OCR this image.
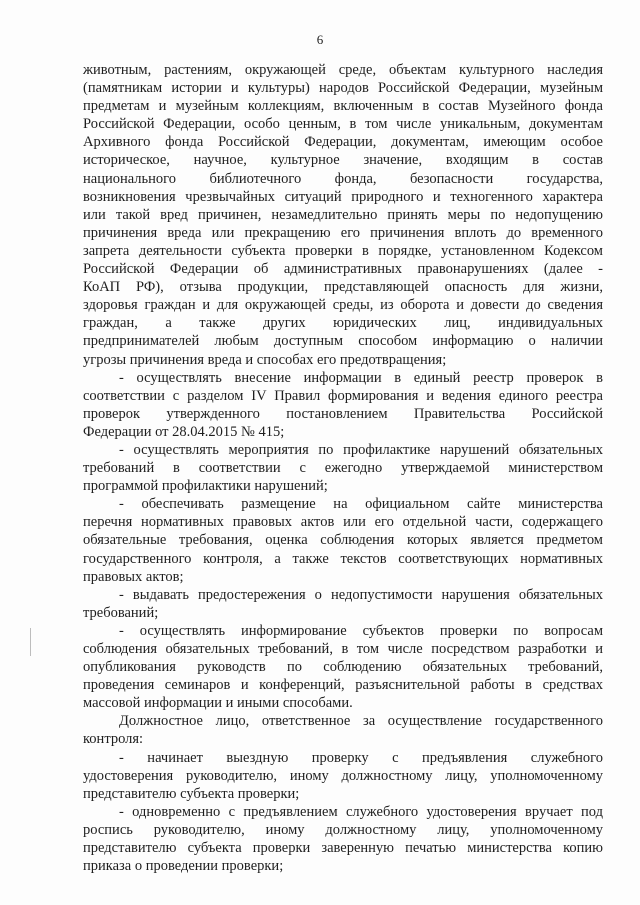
6
животным, растениям, окружающей среде, объектам культурного наследия
(памятникам истории и культуры) народов Российской Федерации, музейным
предметам и музейным коллекциям, включенным в состав Музейного фонда
Российской Федерации, особо ценным, в том числе уникальным, документам
Архивного фонда Российской Федерации, документам, имеющим особое
историческое, научное, культурное значение, входящим в состав
национального библиотечного фонда, безопасности государства,
возникновения чрезвычайных ситуаций природного и техногенного характера
или такой вред причинен, незамедлительно принять меры по недопущению
причинения вреда или прекращению его причинения вплоть до временного
запрета деятельности субъекта проверки в порядке, установленном Кодексом
Российской Федерации об административных правонарушениях (далее -
КоАП РФ), отзыва продукции, представляющей опасность для жизни,
здоровья граждан и для окружающей среды, из оборота и довести до сведения
граждан, а также других юридических лиц, индивидуальных
предпринимателей любым доступным способом информацию о наличии
угрозы причинения вреда и способах его предотвращения;
- осуществлять внесение информации в единый реестр проверок в
соответствии с разделом IV Правил формирования и ведения единого реестра
проверок утвержденного постановлением Правительства Российской
Федерации от 28.04.2015 № 415;
- осуществлять мероприятия по профилактике нарушений обязательных
требований в соответствии с ежегодно утверждаемой министерством
программой профилактики нарушений;
- обеспечивать размещение на официальном сайте министерства
перечня нормативных правовых актов или его отдельной части, содержащего
обязательные требования, оценка соблюдения которых является предметом
государственного контроля, а также текстов соответствующих нормативных
правовых актов;
- выдавать предостережения о недопустимости нарушения обязательных
требований;
- осуществлять информирование субъектов проверки по вопросам
соблюдения обязательных требований, в том числе посредством разработки и
опубликования руководств по соблюдению обязательных требований,
проведения семинаров и конференций, разъяснительной работы в средствах
массовой информации и иными способами.
Должностное лицо, ответственное за осуществление государственного
контроля:
- начинает выездную проверку с предъявления служебного
удостоверения руководителю, иному должностному лицу, уполномоченному
представителю субъекта проверки;
- одновременно с предъявлением служебного удостоверения вручает под
роспись руководителю, иному должностному лицу, уполномоченному
представителю субъекта проверки заверенную печатью министерства копию
приказа о проведении проверки;
